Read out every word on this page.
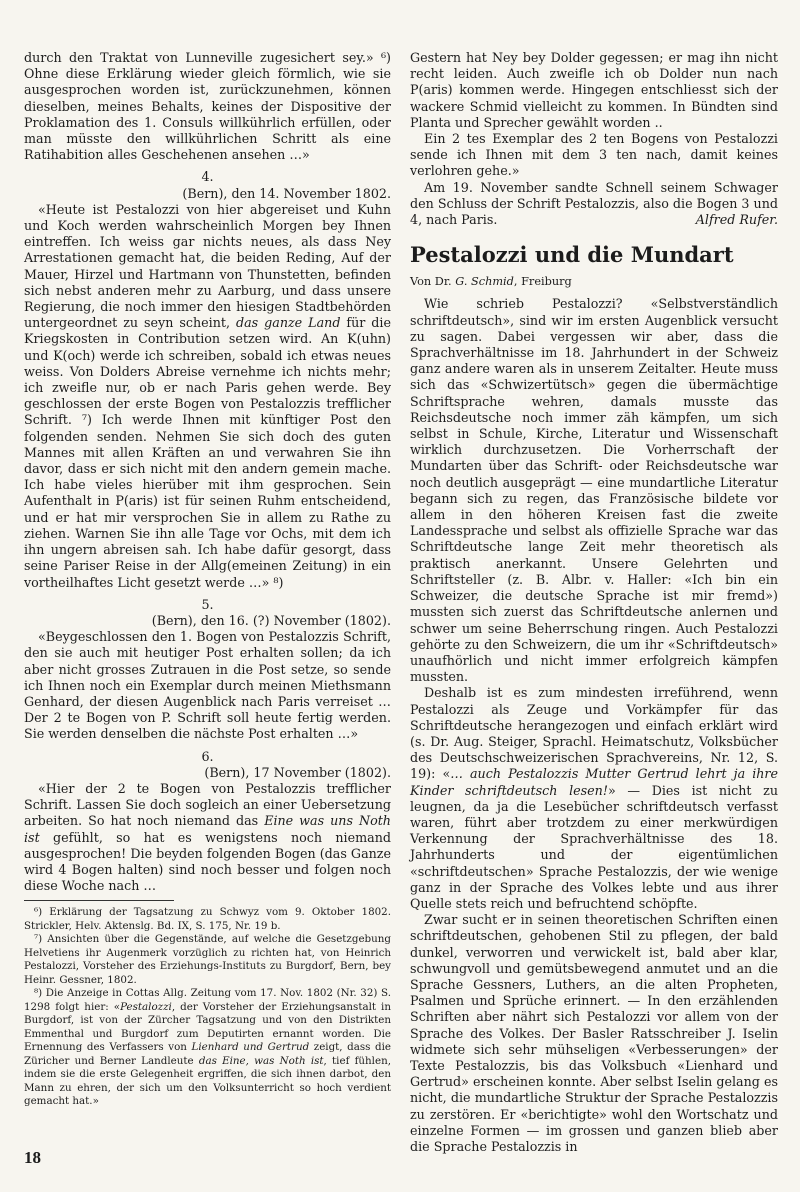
durch den Traktat von Lunneville zugesichert sey.» ⁶) Ohne diese Erklärung wieder gleich förmlich, wie sie ausgesprochen worden ist, zurückzunehmen, können dieselben, meines Behalts, keines der Dispositive der Proklamation des 1. Consuls willkührlich erfüllen, oder man müsste den willkührlichen Schritt als eine Ratihabition alles Geschehenen ansehen …»

4.

(Bern), den 14. November 1802.

«Heute ist Pestalozzi von hier abgereiset und Kuhn und Koch werden wahrscheinlich Morgen bey Ihnen eintreffen. Ich weiss gar nichts neues, als dass Ney Arrestationen gemacht hat, die beiden Reding, Auf der Mauer, Hirzel und Hartmann von Thunstetten, befinden sich nebst anderen mehr zu Aarburg, und dass unsere Regierung, die noch immer den hiesigen Stadtbehörden untergeordnet zu seyn scheint, das ganze Land für die Kriegskosten in Contribution setzen wird. An K(uhn) und K(och) werde ich schreiben, sobald ich etwas neues weiss. Von Dolders Abreise vernehme ich nichts mehr; ich zweifle nur, ob er nach Paris gehen werde. Bey geschlossen der erste Bogen von Pestalozzis trefflicher Schrift. ⁷) Ich werde Ihnen mit künftiger Post den folgenden senden. Nehmen Sie sich doch des guten Mannes mit allen Kräften an und verwahren Sie ihn davor, dass er sich nicht mit den andern gemein mache. Ich habe vieles hierüber mit ihm gesprochen. Sein Aufenthalt in P(aris) ist für seinen Ruhm entscheidend, und er hat mir versprochen Sie in allem zu Rathe zu ziehen. Warnen Sie ihn alle Tage vor Ochs, mit dem ich ihn ungern abreisen sah. Ich habe dafür gesorgt, dass seine Pariser Reise in der Allg(emeinen Zeitung) in ein vortheilhaftes Licht gesetzt werde …» ⁸)

5.

(Bern), den 16. (?) November (1802).

«Beygeschlossen den 1. Bogen von Pestalozzis Schrift, den sie auch mit heutiger Post erhalten sollen; da ich aber nicht grosses Zutrauen in die Post setze, so sende ich Ihnen noch ein Exemplar durch meinen Miethsmann Genhard, der diesen Augenblick nach Paris verreiset … Der 2 te Bogen von P. Schrift soll heute fertig werden. Sie werden denselben die nächste Post erhalten …»

6.

(Bern), 17 November (1802).

«Hier der 2 te Bogen von Pestalozzis trefflicher Schrift. Lassen Sie doch sogleich an einer Uebersetzung arbeiten. So hat noch niemand das Eine was uns Noth ist gefühlt, so hat es wenigstens noch niemand ausgesprochen! Die beyden folgenden Bogen (das Ganze wird 4 Bogen halten) sind noch besser und folgen noch diese Woche nach …

⁶) Erklärung der Tagsatzung zu Schwyz vom 9. Oktober 1802. Strickler, Helv. Aktenslg. Bd. IX, S. 175, Nr. 19 b.

⁷) Ansichten über die Gegenstände, auf welche die Gesetzgebung Helvetiens ihr Augenmerk vorzüglich zu richten hat, von Heinrich Pestalozzi, Vorsteher des Erziehungs-Instituts zu Burgdorf, Bern, bey Heinr. Gessner, 1802.

⁸) Die Anzeige in Cottas Allg. Zeitung vom 17. Nov. 1802 (Nr. 32) S. 1298 folgt hier: «Pestalozzi, der Vorsteher der Erziehungsanstalt in Burgdorf, ist von der Zürcher Tagsatzung und von den Distrikten Emmenthal und Burgdorf zum Deputirten ernannt worden. Die Ernennung des Verfassers von Lienhard und Gertrud zeigt, dass die Züricher und Berner Landleute das Eine, was Noth ist, tief fühlen, indem sie die erste Gelegenheit ergriffen, die sich ihnen darbot, den Mann zu ehren, der sich um den Volksunterricht so hoch verdient gemacht hat.»

Gestern hat Ney bey Dolder gegessen; er mag ihn nicht recht leiden. Auch zweifle ich ob Dolder nun nach P(aris) kommen werde. Hingegen entschliesst sich der wackere Schmid vielleicht zu kommen. In Bündten sind Planta und Sprecher gewählt worden ..

Ein 2 tes Exemplar des 2 ten Bogens von Pestalozzi sende ich Ihnen mit dem 3 ten nach, damit keines verlohren gehe.»

Am 19. November sandte Schnell seinem Schwager den Schluss der Schrift Pestalozzis, also die Bogen 3 und 4, nach Paris.	Alfred Rufer.

Pestalozzi und die Mundart

Von Dr. G. Schmid, Freiburg

Wie schrieb Pestalozzi? «Selbstverständlich schriftdeutsch», sind wir im ersten Augenblick versucht zu sagen. Dabei vergessen wir aber, dass die Sprachverhältnisse im 18. Jahrhundert in der Schweiz ganz andere waren als in unserem Zeitalter. Heute muss sich das «Schwizertütsch» gegen die übermächtige Schriftsprache wehren, damals musste das Reichsdeutsche noch immer zäh kämpfen, um sich selbst in Schule, Kirche, Literatur und Wissenschaft wirklich durchzusetzen. Die Vorherrschaft der Mundarten über das Schrift- oder Reichsdeutsche war noch deutlich ausgeprägt — eine mundartliche Literatur begann sich zu regen, das Französische bildete vor allem in den höheren Kreisen fast die zweite Landessprache und selbst als offizielle Sprache war das Schriftdeutsche lange Zeit mehr theoretisch als praktisch anerkannt. Unsere Gelehrten und Schriftsteller (z. B. Albr. v. Haller: «Ich bin ein Schweizer, die deutsche Sprache ist mir fremd») mussten sich zuerst das Schriftdeutsche anlernen und schwer um seine Beherrschung ringen. Auch Pestalozzi gehörte zu den Schweizern, die um ihr «Schriftdeutsch» unaufhörlich und nicht immer erfolgreich kämpfen mussten.

Deshalb ist es zum mindesten irreführend, wenn Pestalozzi als Zeuge und Vorkämpfer für das Schriftdeutsche herangezogen und einfach erklärt wird (s. Dr. Aug. Steiger, Sprachl. Heimatschutz, Volksbücher des Deutschschweizerischen Sprachvereins, Nr. 12, S. 19): «… auch Pestalozzis Mutter Gertrud lehrt ja ihre Kinder schriftdeutsch lesen!» — Dies ist nicht zu leugnen, da ja die Lesebücher schriftdeutsch verfasst waren, führt aber trotzdem zu einer merkwürdigen Verkennung der Sprachverhältnisse des 18. Jahrhunderts und der eigentümlichen «schriftdeutschen» Sprache Pestalozzis, der wie wenige ganz in der Sprache des Volkes lebte und aus ihrer Quelle stets reich und befruchtend schöpfte.

Zwar sucht er in seinen theoretischen Schriften einen schriftdeutschen, gehobenen Stil zu pflegen, der bald dunkel, verworren und verwickelt ist, bald aber klar, schwungvoll und gemütsbewegend anmutet und an die Sprache Gessners, Luthers, an die alten Propheten, Psalmen und Sprüche erinnert. — In den erzählenden Schriften aber nährt sich Pestalozzi vor allem von der Sprache des Volkes. Der Basler Ratsschreiber J. Iselin widmete sich sehr mühseligen «Verbesserungen» der Texte Pestalozzis, bis das Volksbuch «Lienhard und Gertrud» erscheinen konnte. Aber selbst Iselin gelang es nicht, die mundartliche Struktur der Sprache Pestalozzis zu zerstören. Er «berichtigte» wohl den Wortschatz und einzelne Formen — im grossen und ganzen blieb aber die Sprache Pestalozzis in

18
